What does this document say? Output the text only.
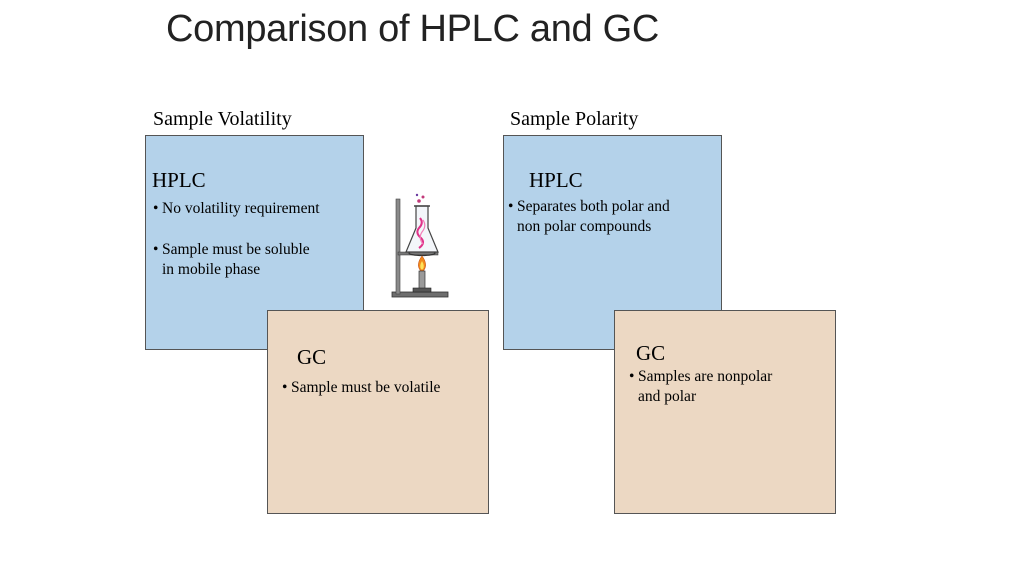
Comparison of HPLC and GC
Sample Volatility
HPLC
• No volatility requirement
• Sample must be soluble
in mobile phase
GC
• Sample must be volatile
Sample Polarity
HPLC
• Separates both polar and
non polar compounds
GC
• Samples are nonpolar
and polar
